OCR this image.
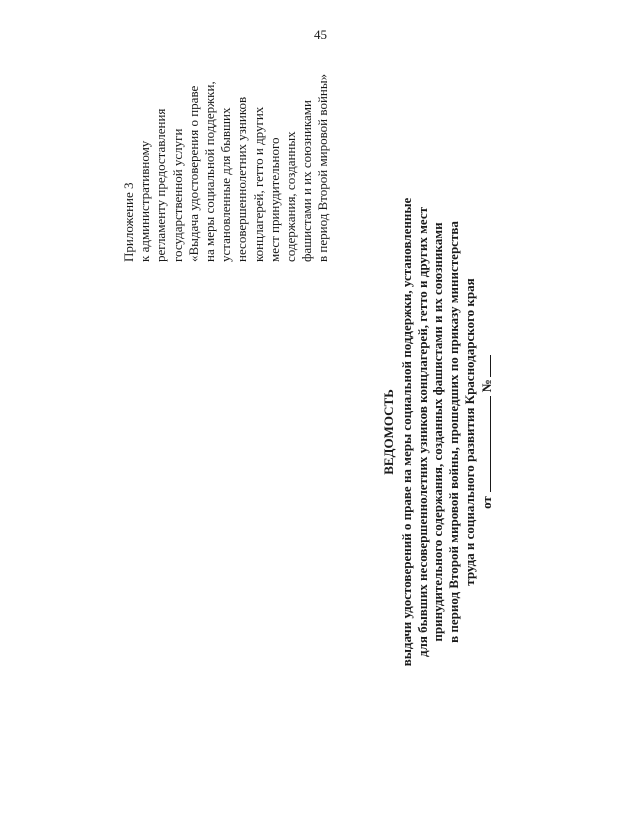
45
Приложение 3 к административному регламенту предоставления государственной услуги «Выдача удостоверения о праве на меры социальной поддержки, установленные для бывших несовершеннолетних узников концлагерей, гетто и других мест принудительного содержания, созданных фашистами и их союзниками в период Второй мировой войны»
ВЕДОМОСТЬ выдачи удостоверений о праве на меры социальной поддержки, установленные для бывших несовершеннолетних узников концлагерей, гетто и других мест принудительного содержания, созданных фашистами и их союзниками в период Второй мировой войны, прошедших по приказу министерства труда и социального развития Краснодарского края от№
